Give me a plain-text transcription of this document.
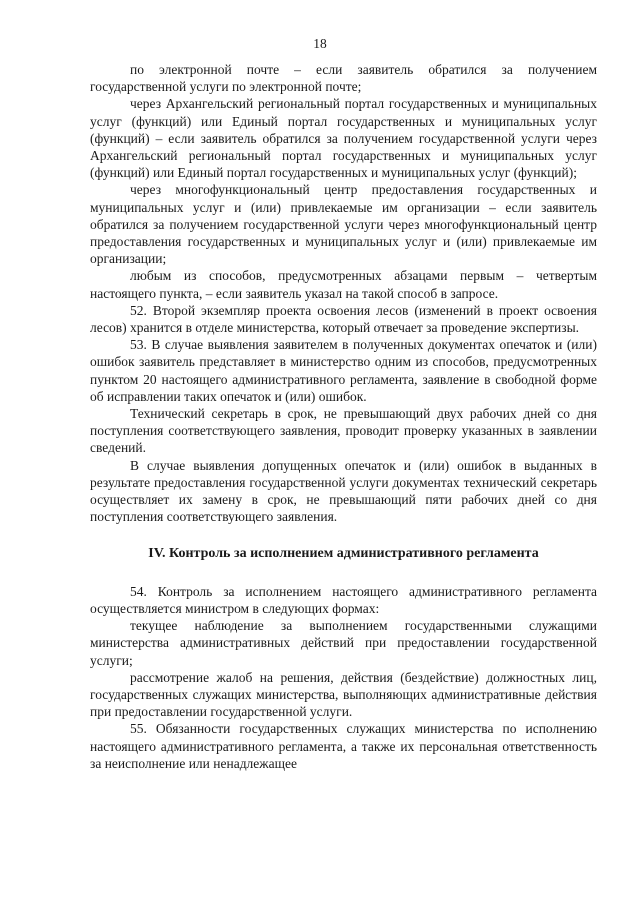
18

по электронной почте – если заявитель обратился за получением государственной услуги по электронной почте;

через Архангельский региональный портал государственных и муниципальных услуг (функций) или Единый портал государственных и муниципальных услуг (функций) – если заявитель обратился за получением государственной услуги через Архангельский региональный портал государственных и муниципальных услуг (функций) или Единый портал государственных и муниципальных услуг (функций);

через многофункциональный центр предоставления государственных и муниципальных услуг и (или) привлекаемые им организации – если заявитель обратился за получением государственной услуги через многофункциональный центр предоставления государственных и муниципальных услуг и (или) привлекаемые им организации;

любым из способов, предусмотренных абзацами первым – четвертым настоящего пункта, – если заявитель указал на такой способ в запросе.

52. Второй экземпляр проекта освоения лесов (изменений в проект освоения лесов) хранится в отделе министерства, который отвечает за проведение экспертизы.

53. В случае выявления заявителем в полученных документах опечаток и (или) ошибок заявитель представляет в министерство одним из способов, предусмотренных пунктом 20 настоящего административного регламента, заявление в свободной форме об исправлении таких опечаток и (или) ошибок.

Технический секретарь в срок, не превышающий двух рабочих дней со дня поступления соответствующего заявления, проводит проверку указанных в заявлении сведений.

В случае выявления допущенных опечаток и (или) ошибок в выданных в результате предоставления государственной услуги документах технический секретарь осуществляет их замену в срок, не превышающий пяти рабочих дней со дня поступления соответствующего заявления.

IV. Контроль за исполнением административного регламента

54. Контроль за исполнением настоящего административного регламента осуществляется министром в следующих формах:

текущее наблюдение за выполнением государственными служащими министерства административных действий при предоставлении государственной услуги;

рассмотрение жалоб на решения, действия (бездействие) должностных лиц, государственных служащих министерства, выполняющих административные действия при предоставлении государственной услуги.

55. Обязанности государственных служащих министерства по исполнению настоящего административного регламента, а также их персональная ответственность за неисполнение или ненадлежащее
